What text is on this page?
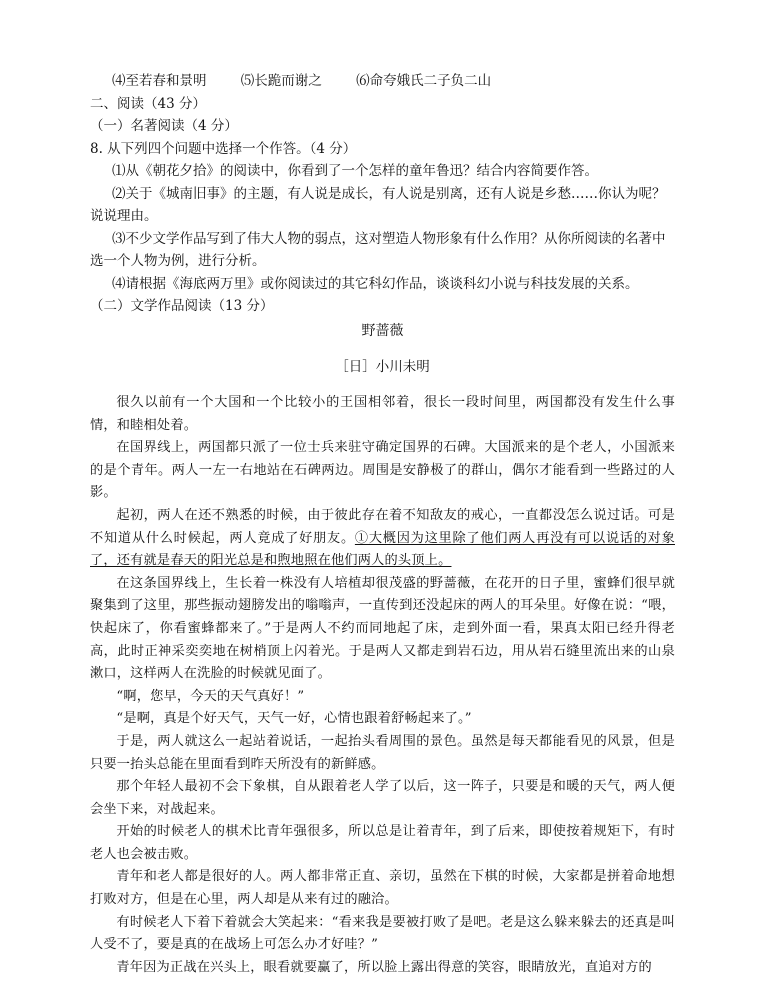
⑷至若春和景明	⑸长跪而谢之	⑹命夸娥氏二子负二山

二、阅读（43 分）

（一）名著阅读（4 分）

8. 从下列四个问题中选择一个作答。（4 分）

⑴从《朝花夕拾》的阅读中，你看到了一个怎样的童年鲁迅？结合内容简要作答。

⑵关于《城南旧事》的主题，有人说是成长，有人说是别离，还有人说是乡愁……你认为呢？

说说理由。

⑶不少文学作品写到了伟大人物的弱点，这对塑造人物形象有什么作用？从你所阅读的名著中

选一个人物为例，进行分析。

⑷请根据《海底两万里》或你阅读过的其它科幻作品，谈谈科幻小说与科技发展的关系。

（二）文学作品阅读（13 分）

野蔷薇

［日］小川未明

很久以前有一个大国和一个比较小的王国相邻着，很长一段时间里，两国都没有发生什么事情，和睦相处着。

在国界线上，两国都只派了一位士兵来驻守确定国界的石碑。大国派来的是个老人，小国派来的是个青年。两人一左一右地站在石碑两边。周围是安静极了的群山，偶尔才能看到一些路过的人影。

起初，两人在还不熟悉的时候，由于彼此存在着不知敌友的戒心，一直都没怎么说过话。可是不知道从什么时候起，两人竟成了好朋友。①大概因为这里除了他们两人再没有可以说话的对象了，还有就是春天的阳光总是和煦地照在他们两人的头顶上。

在这条国界线上，生长着一株没有人培植却很茂盛的野蔷薇，在花开的日子里，蜜蜂们很早就聚集到了这里，那些振动翅膀发出的嗡嗡声，一直传到还没起床的两人的耳朵里。好像在说：“喂，快起床了，你看蜜蜂都来了。”于是两人不约而同地起了床，走到外面一看，果真太阳已经升得老高，此时正神采奕奕地在树梢顶上闪着光。于是两人又都走到岩石边，用从岩石缝里流出来的山泉漱口，这样两人在洗脸的时候就见面了。

“啊，您早，今天的天气真好！”

“是啊，真是个好天气，天气一好，心情也跟着舒畅起来了。”

于是，两人就这么一起站着说话，一起抬头看周围的景色。虽然是每天都能看见的风景，但是只要一抬头总能在里面看到昨天所没有的新鲜感。

那个年轻人最初不会下象棋，自从跟着老人学了以后，这一阵子，只要是和暖的天气，两人便会坐下来，对战起来。

开始的时候老人的棋术比青年强很多，所以总是让着青年，到了后来，即使按着规矩下，有时老人也会被击败。

青年和老人都是很好的人。两人都非常正直、亲切，虽然在下棋的时候，大家都是拼着命地想打败对方，但是在心里，两人却是从来有过的融洽。

有时候老人下着下着就会大笑起来：“看来我是要被打败了是吧。老是这么躲来躲去的还真是叫人受不了，要是真的在战场上可怎么办才好哇？”

青年因为正战在兴头上，眼看就要赢了，所以脸上露出得意的笑容，眼睛放光，直追对方的
